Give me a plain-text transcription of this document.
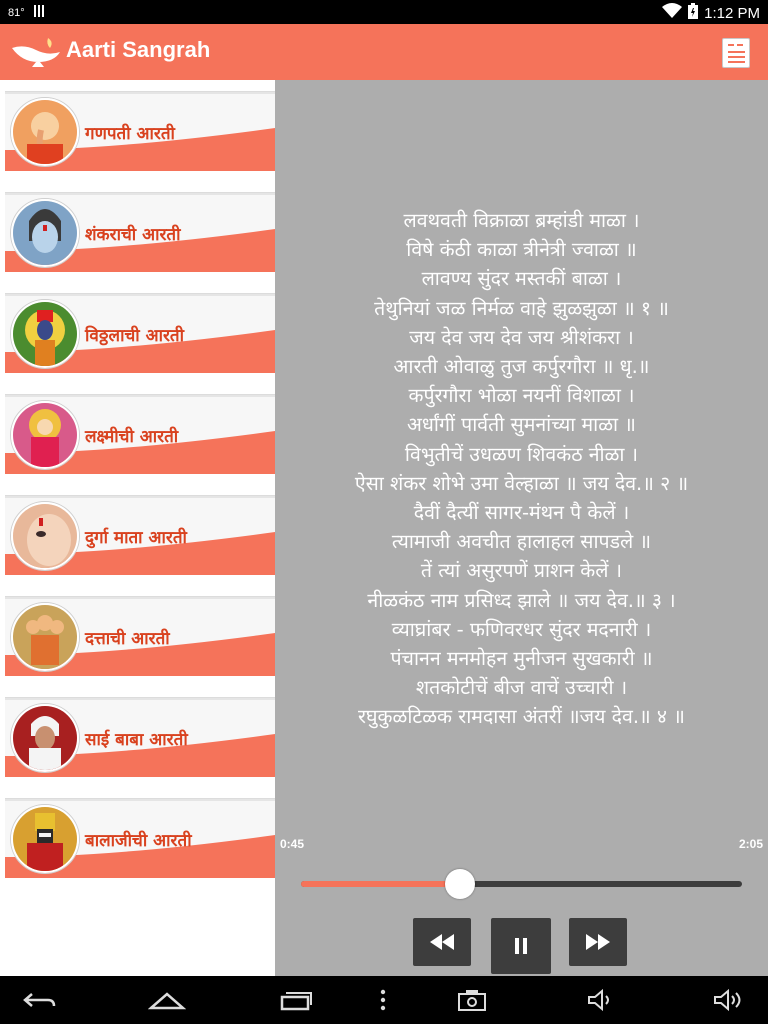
81°	1:12 PM
Aarti Sangrah
गणपती आरती
शंकराची आरती
विठ्ठलाची आरती
लक्ष्मीची आरती
दुर्गा माता आरती
दत्ताची आरती
साई बाबा आरती
बालाजीची आरती
लवथवती विक्राळा ब्रम्हांडी माळा ।
विषे कंठी काळा त्रीनेत्री ज्वाळा ॥
लावण्य सुंदर मस्तकीं बाळा ।
तेथुनियां जळ निर्मळ वाहे झुळझुळा ॥ १ ॥
जय देव जय देव जय श्रीशंकरा ।
आरती ओवाळु तुज कर्पुरगौरा ॥ धृ.॥
कर्पुरगौरा भोळा नयनीं विशाळा ।
अर्धांगीं पार्वती सुमनांच्या माळा ॥
विभुतीचें उधळण शिवकंठ नीळा ।
ऐसा शंकर शोभे उमा वेल्हाळा ॥ जय देव.॥ २ ॥
दैवीं दैत्यीं सागर-मंथन पै केलें ।
त्यामाजी अवचीत हालाहल सापडले ॥
तें त्यां असुरपणें प्राशन केलें ।
नीळकंठ नाम प्रसिध्द झाले ॥ जय देव.॥ ३ ।
व्याघ्रांबर - फणिवरधर सुंदर मदनारी ।
पंचानन मनमोहन मुनीजन सुखकारी ॥
शतकोटीचें बीज वाचें उच्चारी ।
रघुकुळटिळक रामदासा अंतरीं ॥जय देव.॥ ४ ॥
0:45	2:05
